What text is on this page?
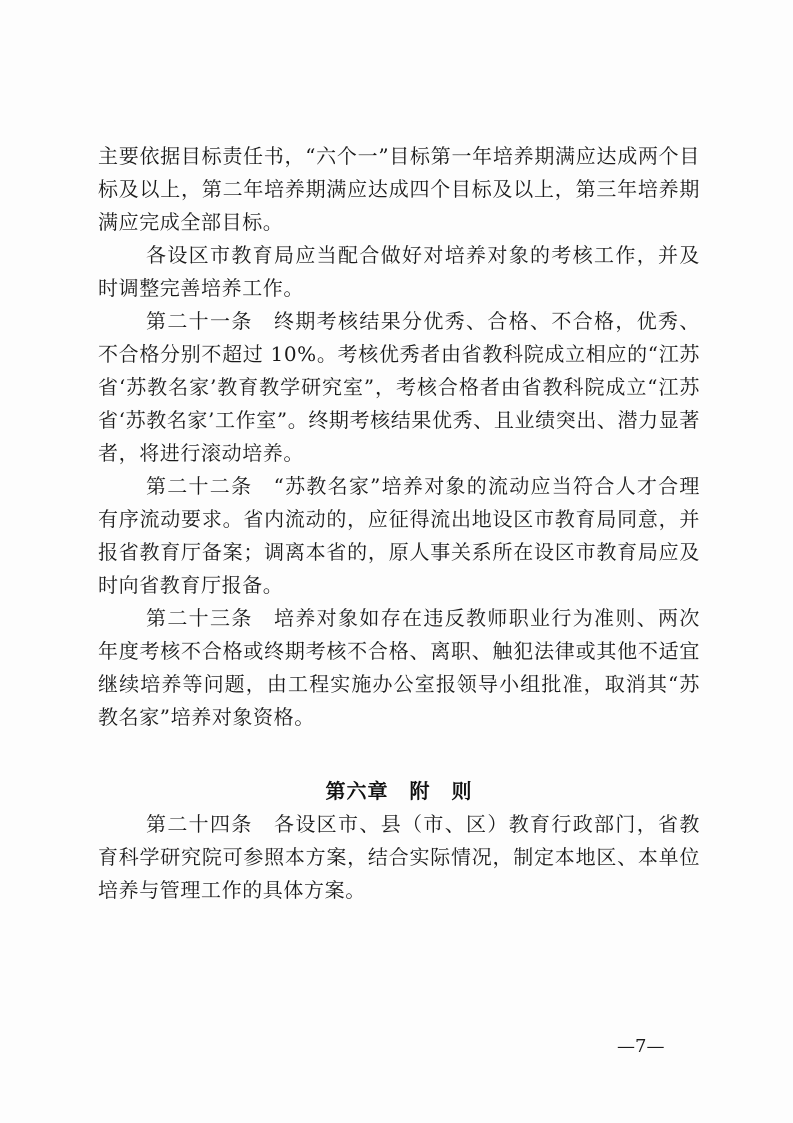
主要依据目标责任书，“六个一”目标第一年培养期满应达成两个目标及以上，第二年培养期满应达成四个目标及以上，第三年培养期满应完成全部目标。

各设区市教育局应当配合做好对培养对象的考核工作，并及时调整完善培养工作。

第二十一条　终期考核结果分优秀、合格、不合格，优秀、不合格分别不超过 10%。考核优秀者由省教科院成立相应的“江苏省‘苏教名家’教育教学研究室”，考核合格者由省教科院成立“江苏省‘苏教名家’工作室”。终期考核结果优秀、且业绩突出、潜力显著者，将进行滚动培养。

第二十二条　“苏教名家”培养对象的流动应当符合人才合理有序流动要求。省内流动的，应征得流出地设区市教育局同意，并报省教育厅备案；调离本省的，原人事关系所在设区市教育局应及时向省教育厅报备。

第二十三条　培养对象如存在违反教师职业行为准则、两次年度考核不合格或终期考核不合格、离职、触犯法律或其他不适宜继续培养等问题，由工程实施办公室报领导小组批准，取消其“苏教名家”培养对象资格。

第六章　附　则

第二十四条　各设区市、县（市、区）教育行政部门，省教育科学研究院可参照本方案，结合实际情况，制定本地区、本单位培养与管理工作的具体方案。

—7—
